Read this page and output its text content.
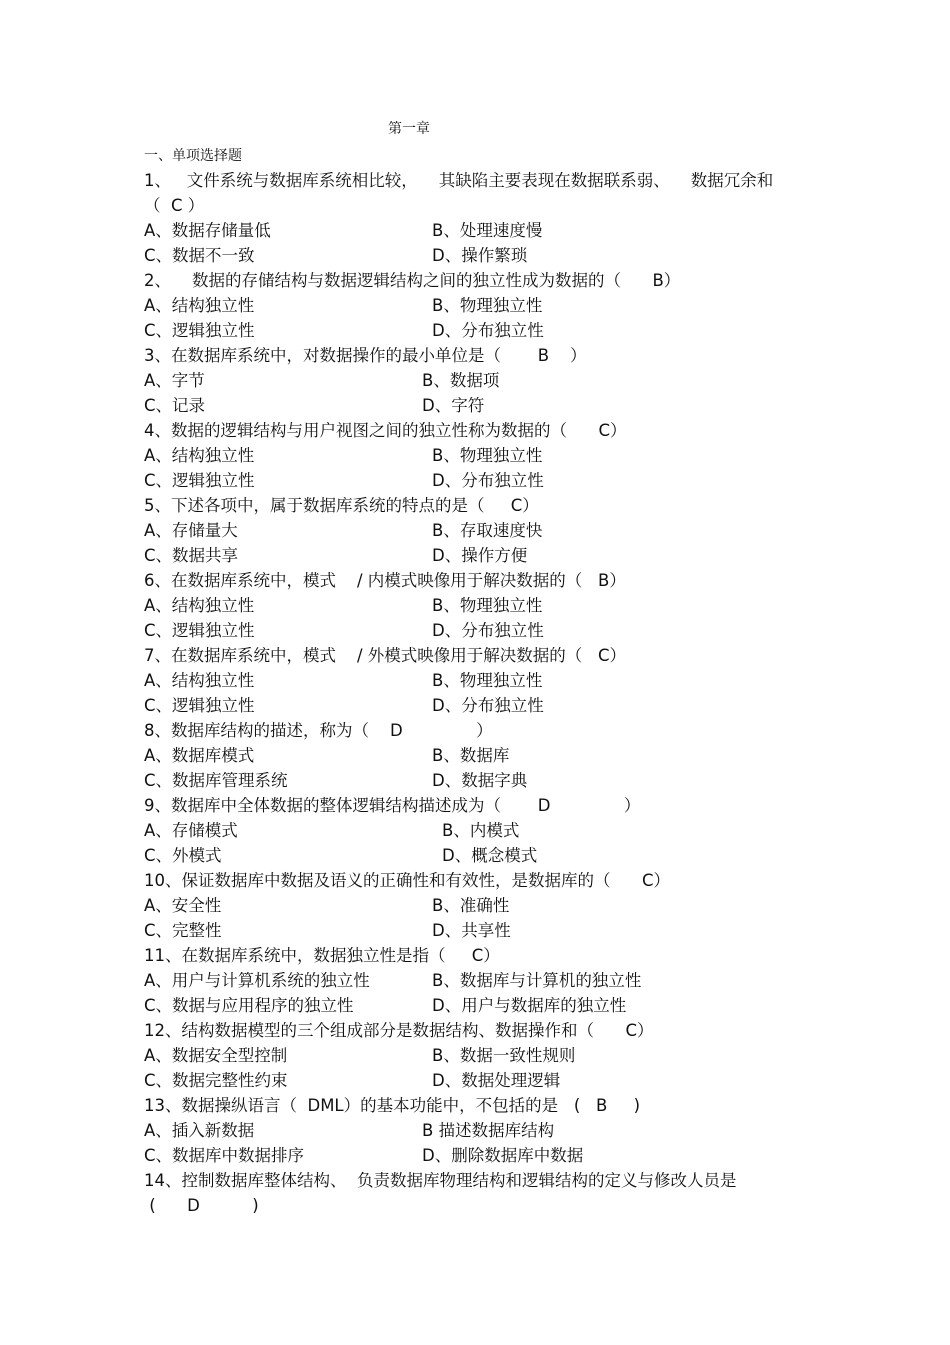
第一章
一、单项选择题
1、   文件系统与数据库系统相比较，    其缺陷主要表现在数据联系弱、    数据冗余和
（  C ）
A、数据存储量低	B、处理速度慢
C、数据不一致	D、操作繁琐
2、    数据的存储结构与数据逻辑结构之间的独立性成为数据的（      B）
A、结构独立性	B、物理独立性
C、逻辑独立性	D、分布独立性
3、在数据库系统中，对数据操作的最小单位是（       B    ）
A、字节	B、数据项
C、记录	D、字符
4、数据的逻辑结构与用户视图之间的独立性称为数据的（      C）
A、结构独立性	B、物理独立性
C、逻辑独立性	D、分布独立性
5、下述各项中，属于数据库系统的特点的是（     C）
A、存储量大	B、存取速度快
C、数据共享	D、操作方便
6、在数据库系统中，模式    / 内模式映像用于解决数据的（   B）
A、结构独立性	B、物理独立性
C、逻辑独立性	D、分布独立性
7、在数据库系统中，模式    / 外模式映像用于解决数据的（   C）
A、结构独立性	B、物理独立性
C、逻辑独立性	D、分布独立性
8、数据库结构的描述，称为（    D              ）
A、数据库模式	B、数据库
C、数据库管理系统	D、数据字典
9、数据库中全体数据的整体逻辑结构描述成为（       D              ）
A、存储模式	B、内模式
C、外模式	D、概念模式
10、保证数据库中数据及语义的正确性和有效性，是数据库的（      C）
A、安全性	B、准确性
C、完整性	D、共享性
11、在数据库系统中，数据独立性是指（     C）
A、用户与计算机系统的独立性	B、数据库与计算机的独立性
C、数据与应用程序的独立性	D、用户与数据库的独立性
12、结构数据模型的三个组成部分是数据结构、数据操作和（      C）
A、数据安全型控制	B、数据一致性规则
C、数据完整性约束	D、数据处理逻辑
13、数据操纵语言（  DML）的基本功能中，不包括的是   (   B     )
A、插入新数据	B 描述数据库结构
C、数据库中数据排序	D、删除数据库中数据
14、控制数据库整体结构、  负责数据库物理结构和逻辑结构的定义与修改人员是
(      D          )
